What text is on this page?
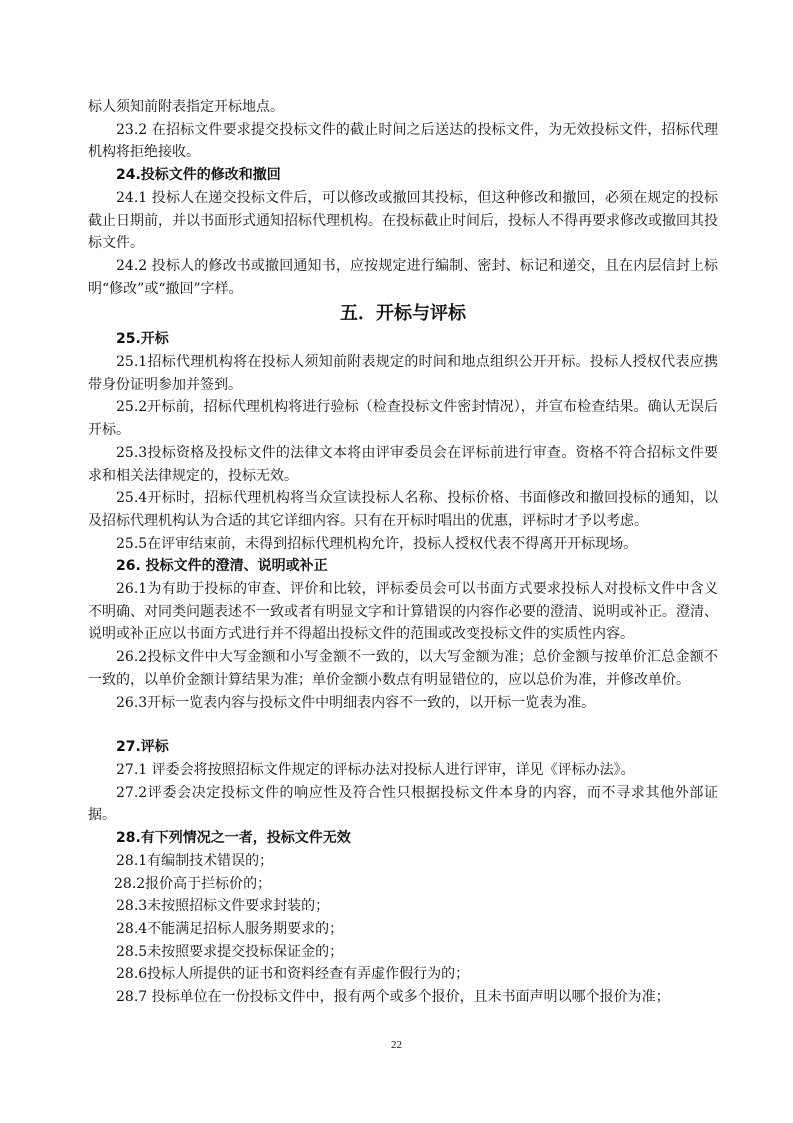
标人须知前附表指定开标地点。

23.2 在招标文件要求提交投标文件的截止时间之后送达的投标文件，为无效投标文件，招标代理机构将拒绝接收。

24.投标文件的修改和撤回

24.1 投标人在递交投标文件后，可以修改或撤回其投标，但这种修改和撤回，必须在规定的投标截止日期前，并以书面形式通知招标代理机构。在投标截止时间后，投标人不得再要求修改或撤回其投标文件。

24.2 投标人的修改书或撤回通知书，应按规定进行编制、密封、标记和递交，且在内层信封上标明“修改”或“撤回”字样。

五．开标与评标

25.开标

25.1招标代理机构将在投标人须知前附表规定的时间和地点组织公开开标。投标人授权代表应携带身份证明参加并签到。

25.2开标前，招标代理机构将进行验标（检查投标文件密封情况），并宣布检查结果。确认无误后开标。

25.3投标资格及投标文件的法律文本将由评审委员会在评标前进行审查。资格不符合招标文件要求和相关法律规定的，投标无效。

25.4开标时，招标代理机构将当众宣读投标人名称、投标价格、书面修改和撤回投标的通知，以及招标代理机构认为合适的其它详细内容。只有在开标时唱出的优惠，评标时才予以考虑。

25.5在评审结束前，未得到招标代理机构允许，投标人授权代表不得离开开标现场。

26. 投标文件的澄清、说明或补正

26.1为有助于投标的审查、评价和比较，评标委员会可以书面方式要求投标人对投标文件中含义不明确、对同类问题表述不一致或者有明显文字和计算错误的内容作必要的澄清、说明或补正。澄清、说明或补正应以书面方式进行并不得超出投标文件的范围或改变投标文件的实质性内容。

26.2投标文件中大写金额和小写金额不一致的，以大写金额为准；总价金额与按单价汇总金额不一致的，以单价金额计算结果为准；单价金额小数点有明显错位的，应以总价为准，并修改单价。

26.3开标一览表内容与投标文件中明细表内容不一致的，以开标一览表为准。

27.评标

27.1 评委会将按照招标文件规定的评标办法对投标人进行评审，详见《评标办法》。

27.2评委会决定投标文件的响应性及符合性只根据投标文件本身的内容，而不寻求其他外部证据。

28.有下列情况之一者，投标文件无效

28.1有编制技术错误的；

28.2报价高于拦标价的；

28.3未按照招标文件要求封装的；

28.4不能满足招标人服务期要求的；

28.5未按照要求提交投标保证金的；

28.6投标人所提供的证书和资料经查有弄虚作假行为的；

28.7 投标单位在一份投标文件中，报有两个或多个报价，且未书面声明以哪个报价为准；

22
